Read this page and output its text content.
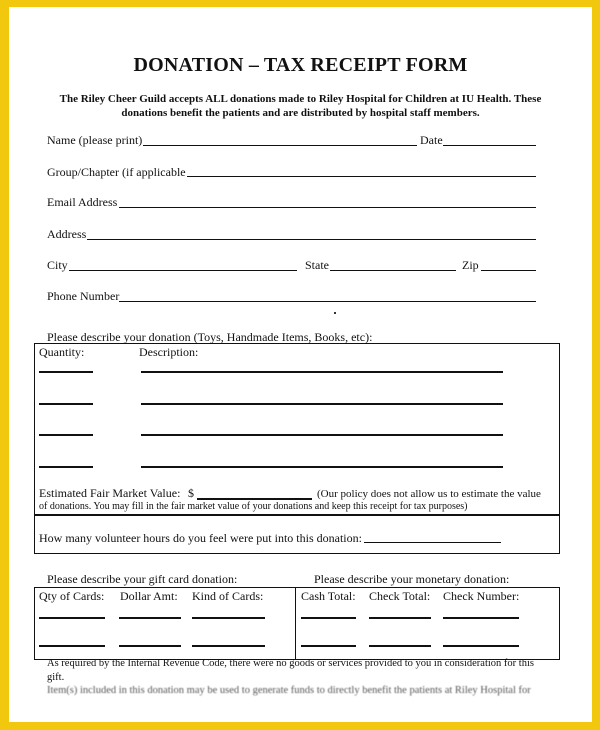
DONATION – TAX RECEIPT FORM
The Riley Cheer Guild accepts ALL donations made to Riley Hospital for Children at IU Health. These
donations benefit the patients and are distributed by hospital staff members.
Name (please print)	Date
Group/Chapter (if applicable
Email Address
Address
City	State	Zip
Phone Number
Please describe your donation (Toys, Handmade Items, Books, etc):
Quantity:	Description:
Estimated Fair Market Value: $	(Our policy does not allow us to estimate the value
of donations. You may fill in the fair market value of your donations and keep this receipt for tax purposes)
How many volunteer hours do you feel were put into this donation:
Please describe your gift card donation:	Please describe your monetary donation:
Qty of Cards: Dollar Amt: Kind of Cards:	Cash Total: Check Total: Check Number:
As required by the Internal Revenue Code, there were no goods or services provided to you in consideration for this
gift.
Item(s) included in this donation may be used to generate funds to directly benefit the patients at Riley Hospital for
